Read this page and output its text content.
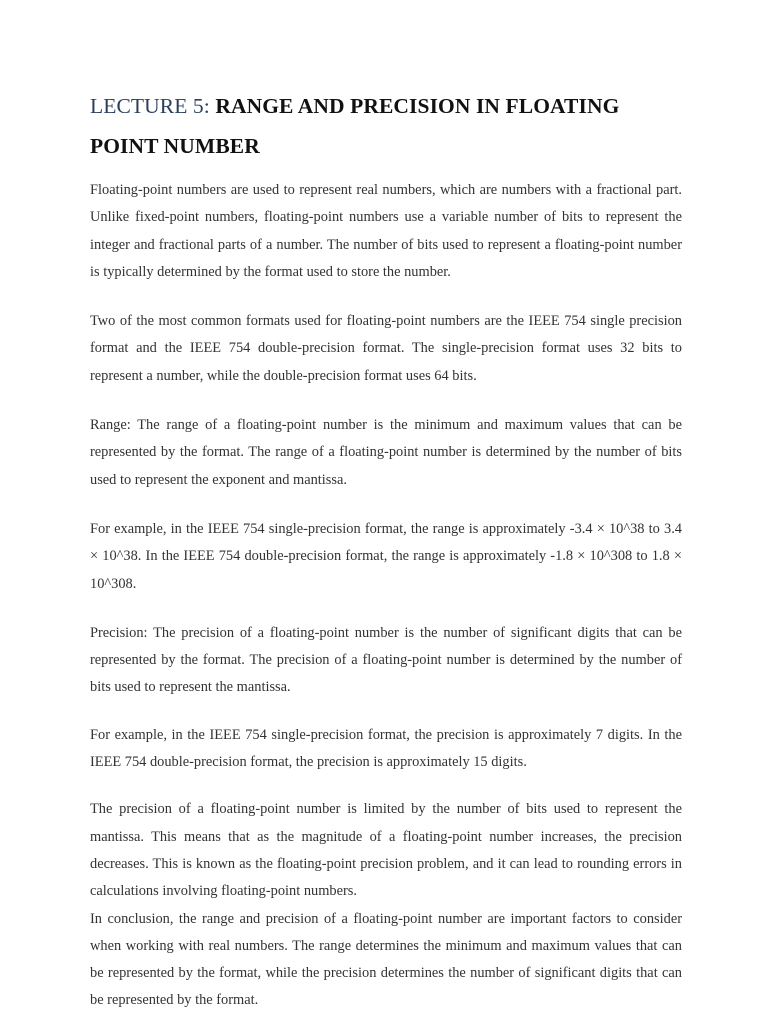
LECTURE 5: RANGE AND PRECISION IN FLOATING POINT NUMBER

Floating-point numbers are used to represent real numbers, which are numbers with a fractional part. Unlike fixed-point numbers, floating-point numbers use a variable number of bits to represent the integer and fractional parts of a number. The number of bits used to represent a floating-point number is typically determined by the format used to store the number.

Two of the most common formats used for floating-point numbers are the IEEE 754 single precision format and the IEEE 754 double-precision format. The single-precision format uses 32 bits to represent a number, while the double-precision format uses 64 bits.

Range: The range of a floating-point number is the minimum and maximum values that can be represented by the format. The range of a floating-point number is determined by the number of bits used to represent the exponent and mantissa.

For example, in the IEEE 754 single-precision format, the range is approximately -3.4 × 10^38 to 3.4 × 10^38. In the IEEE 754 double-precision format, the range is approximately -1.8 × 10^308 to 1.8 × 10^308.

Precision: The precision of a floating-point number is the number of significant digits that can be represented by the format. The precision of a floating-point number is determined by the number of bits used to represent the mantissa.

For example, in the IEEE 754 single-precision format, the precision is approximately 7 digits. In the IEEE 754 double-precision format, the precision is approximately 15 digits.

The precision of a floating-point number is limited by the number of bits used to represent the mantissa. This means that as the magnitude of a floating-point number increases, the precision decreases. This is known as the floating-point precision problem, and it can lead to rounding errors in calculations involving floating-point numbers.

In conclusion, the range and precision of a floating-point number are important factors to consider when working with real numbers. The range determines the minimum and maximum values that can be represented by the format, while the precision determines the number of significant digits that can be represented by the format.
